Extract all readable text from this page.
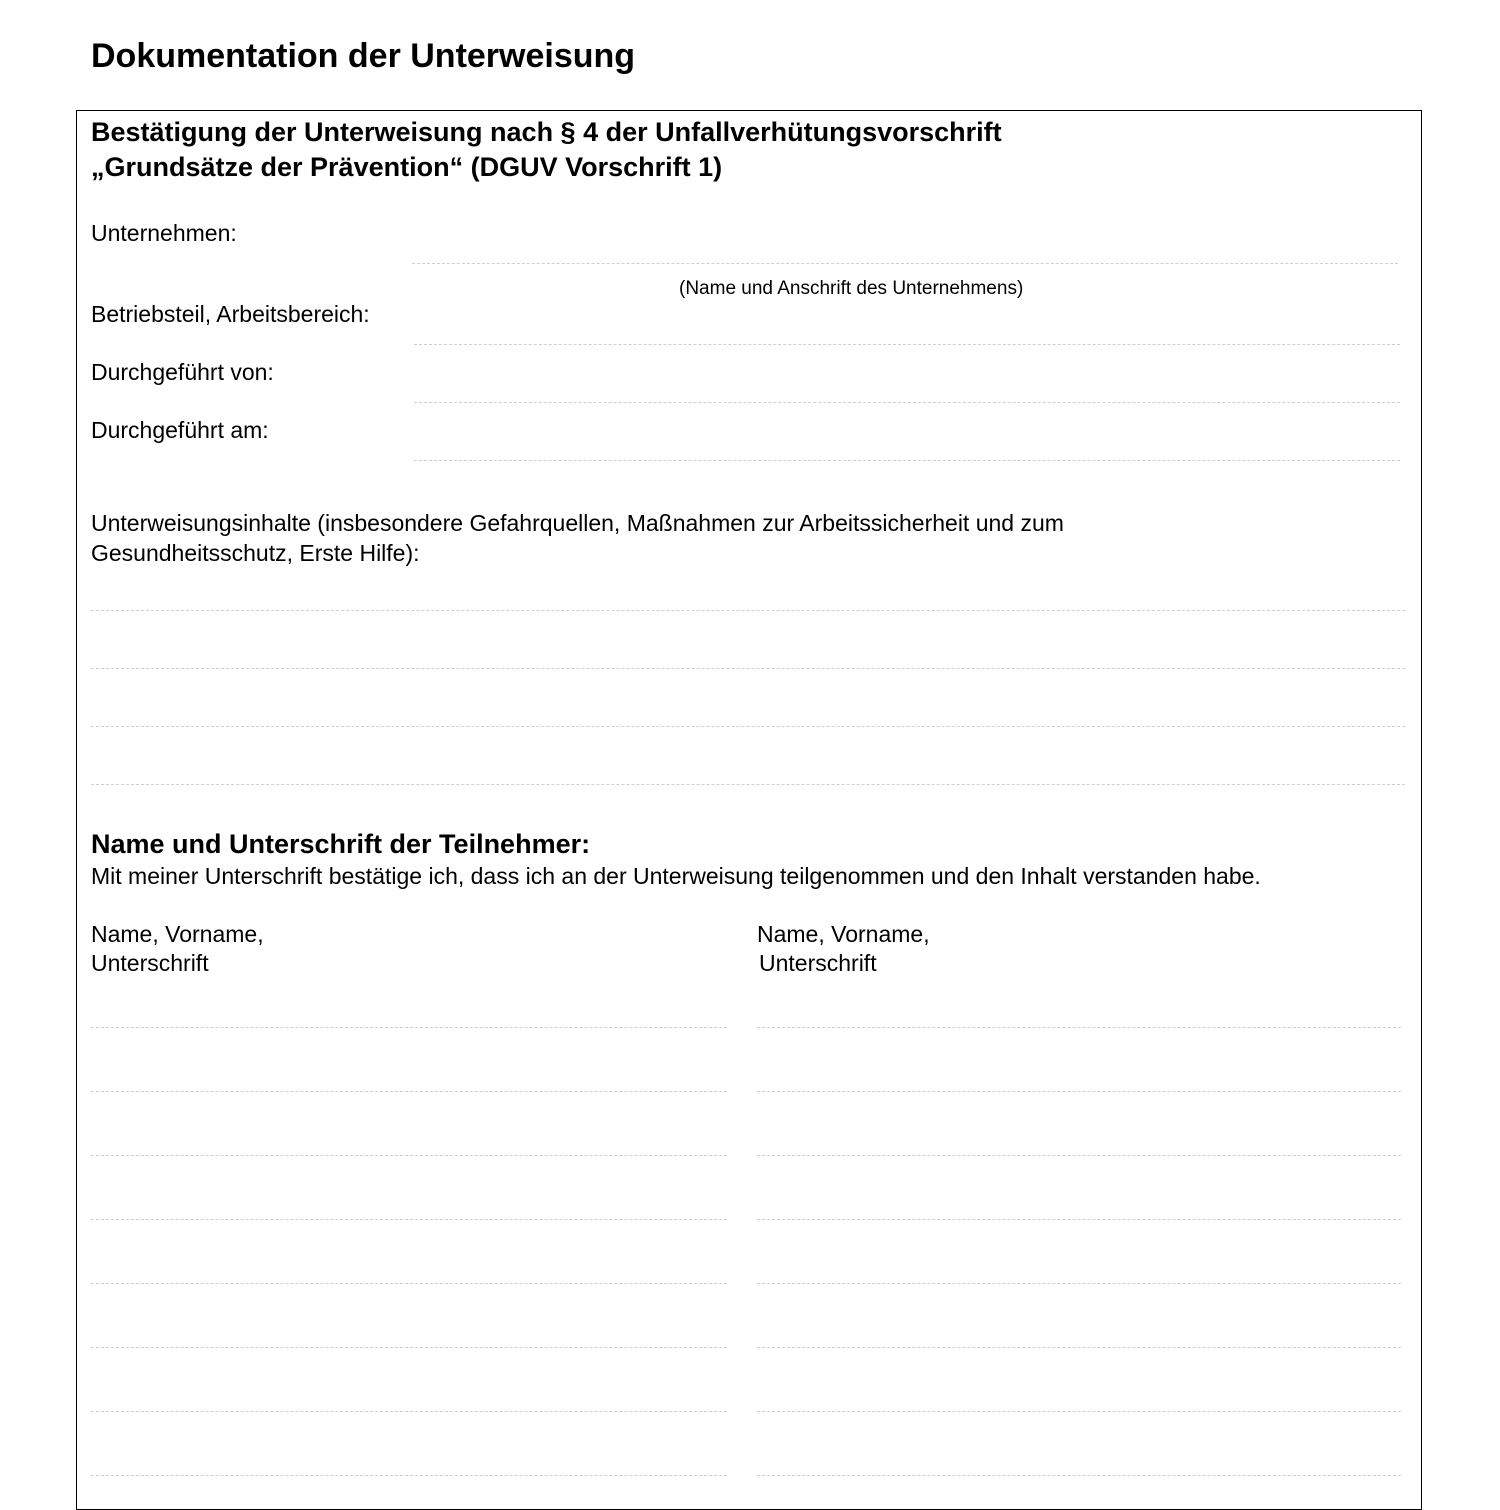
Dokumentation der Unterweisung
Bestätigung der Unterweisung nach § 4 der Unfallverhütungsvorschrift
„Grundsätze der Prävention“ (DGUV Vorschrift 1)
Unternehmen:
(Name und Anschrift des Unternehmens)
Betriebsteil, Arbeitsbereich:
Durchgeführt von:
Durchgeführt am:
Unterweisungsinhalte (insbesondere Gefahrquellen, Maßnahmen zur Arbeitssicherheit und zum
Gesundheitsschutz, Erste Hilfe):
Name und Unterschrift der Teilnehmer:
Mit meiner Unterschrift bestätige ich, dass ich an der Unterweisung teilgenommen und den Inhalt verstanden habe.
Name, Vorname,
Unterschrift
Name, Vorname,
Unterschrift
